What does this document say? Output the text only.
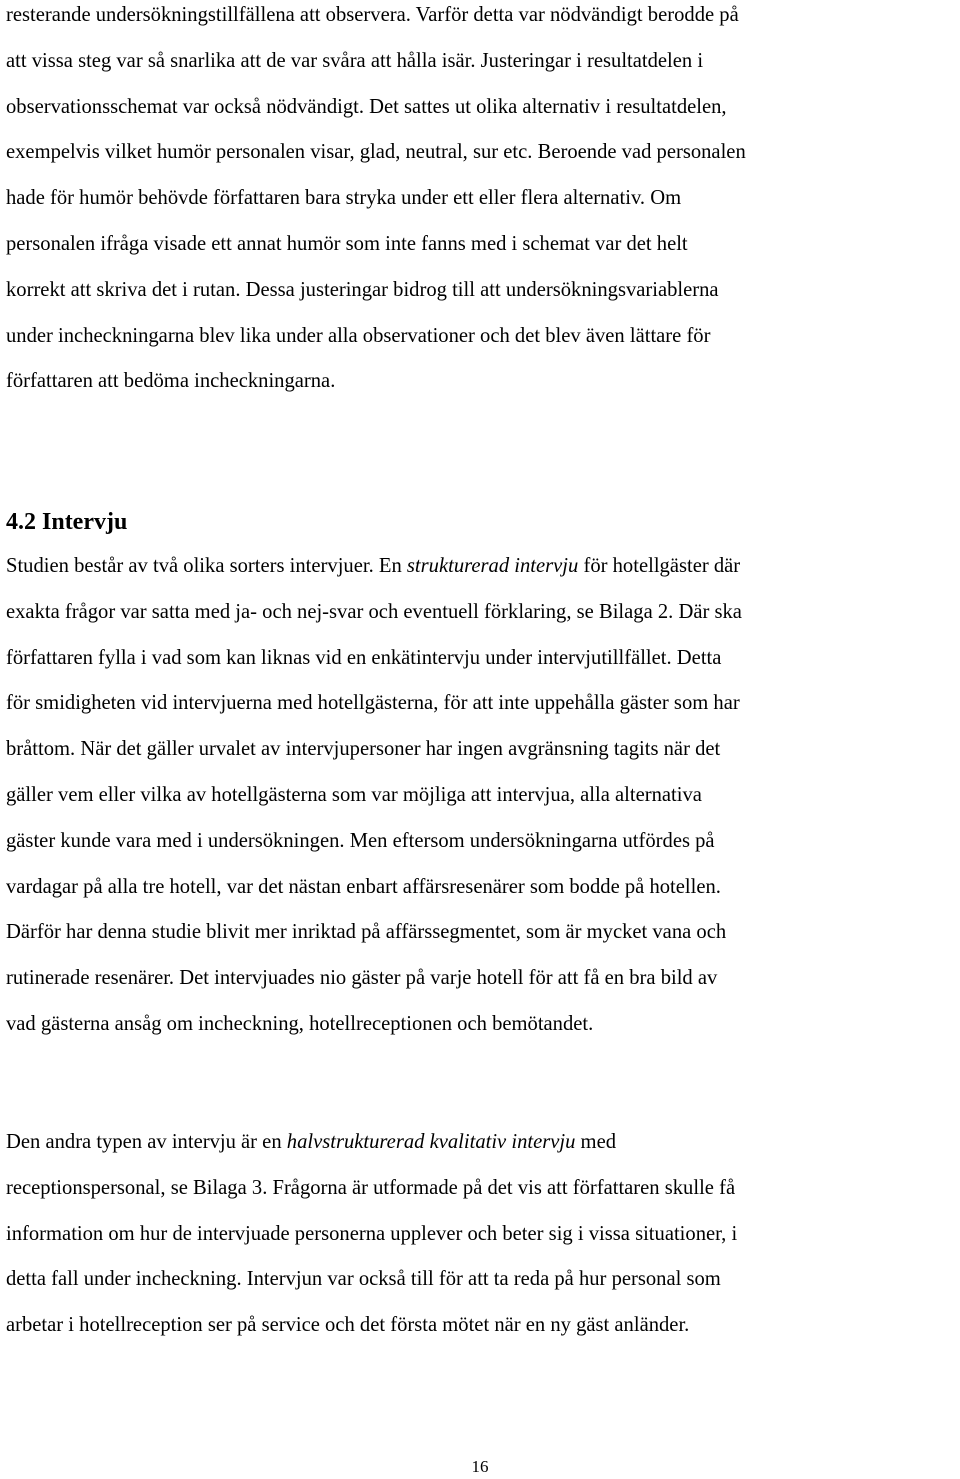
resterande undersökningstillfällena att observera. Varför detta var nödvändigt berodde på
att vissa steg var så snarlika att de var svåra att hålla isär. Justeringar i resultatdelen i
observationsschemat var också nödvändigt. Det sattes ut olika alternativ i resultatdelen,
exempelvis vilket humör personalen visar, glad, neutral, sur etc. Beroende vad personalen
hade för humör behövde författaren bara stryka under ett eller flera alternativ. Om
personalen ifråga visade ett annat humör som inte fanns med i schemat var det helt
korrekt att skriva det i rutan. Dessa justeringar bidrog till att undersökningsvariablerna
under incheckningarna blev lika under alla observationer och det blev även lättare för
författaren att bedöma incheckningarna.

4.2 Intervju

Studien består av två olika sorters intervjuer. En strukturerad intervju för hotellgäster där
exakta frågor var satta med ja- och nej-svar och eventuell förklaring, se Bilaga 2. Där ska
författaren fylla i vad som kan liknas vid en enkätintervju under intervjutillfället. Detta
för smidigheten vid intervjuerna med hotellgästerna, för att inte uppehålla gäster som har
bråttom. När det gäller urvalet av intervjupersoner har ingen avgränsning tagits när det
gäller vem eller vilka av hotellgästerna som var möjliga att intervjua, alla alternativa
gäster kunde vara med i undersökningen. Men eftersom undersökningarna utfördes på
vardagar på alla tre hotell, var det nästan enbart affärsresenärer som bodde på hotellen.
Därför har denna studie blivit mer inriktad på affärssegmentet, som är mycket vana och
rutinerade resenärer. Det intervjuades nio gäster på varje hotell för att få en bra bild av
vad gästerna ansåg om incheckning, hotellreceptionen och bemötandet.

Den andra typen av intervju är en halvstrukturerad kvalitativ intervju med
receptionspersonal, se Bilaga 3. Frågorna är utformade på det vis att författaren skulle få
information om hur de intervjuade personerna upplever och beter sig i vissa situationer, i
detta fall under incheckning. Intervjun var också till för att ta reda på hur personal som
arbetar i hotellreception ser på service och det första mötet när en ny gäst anländer.

16
